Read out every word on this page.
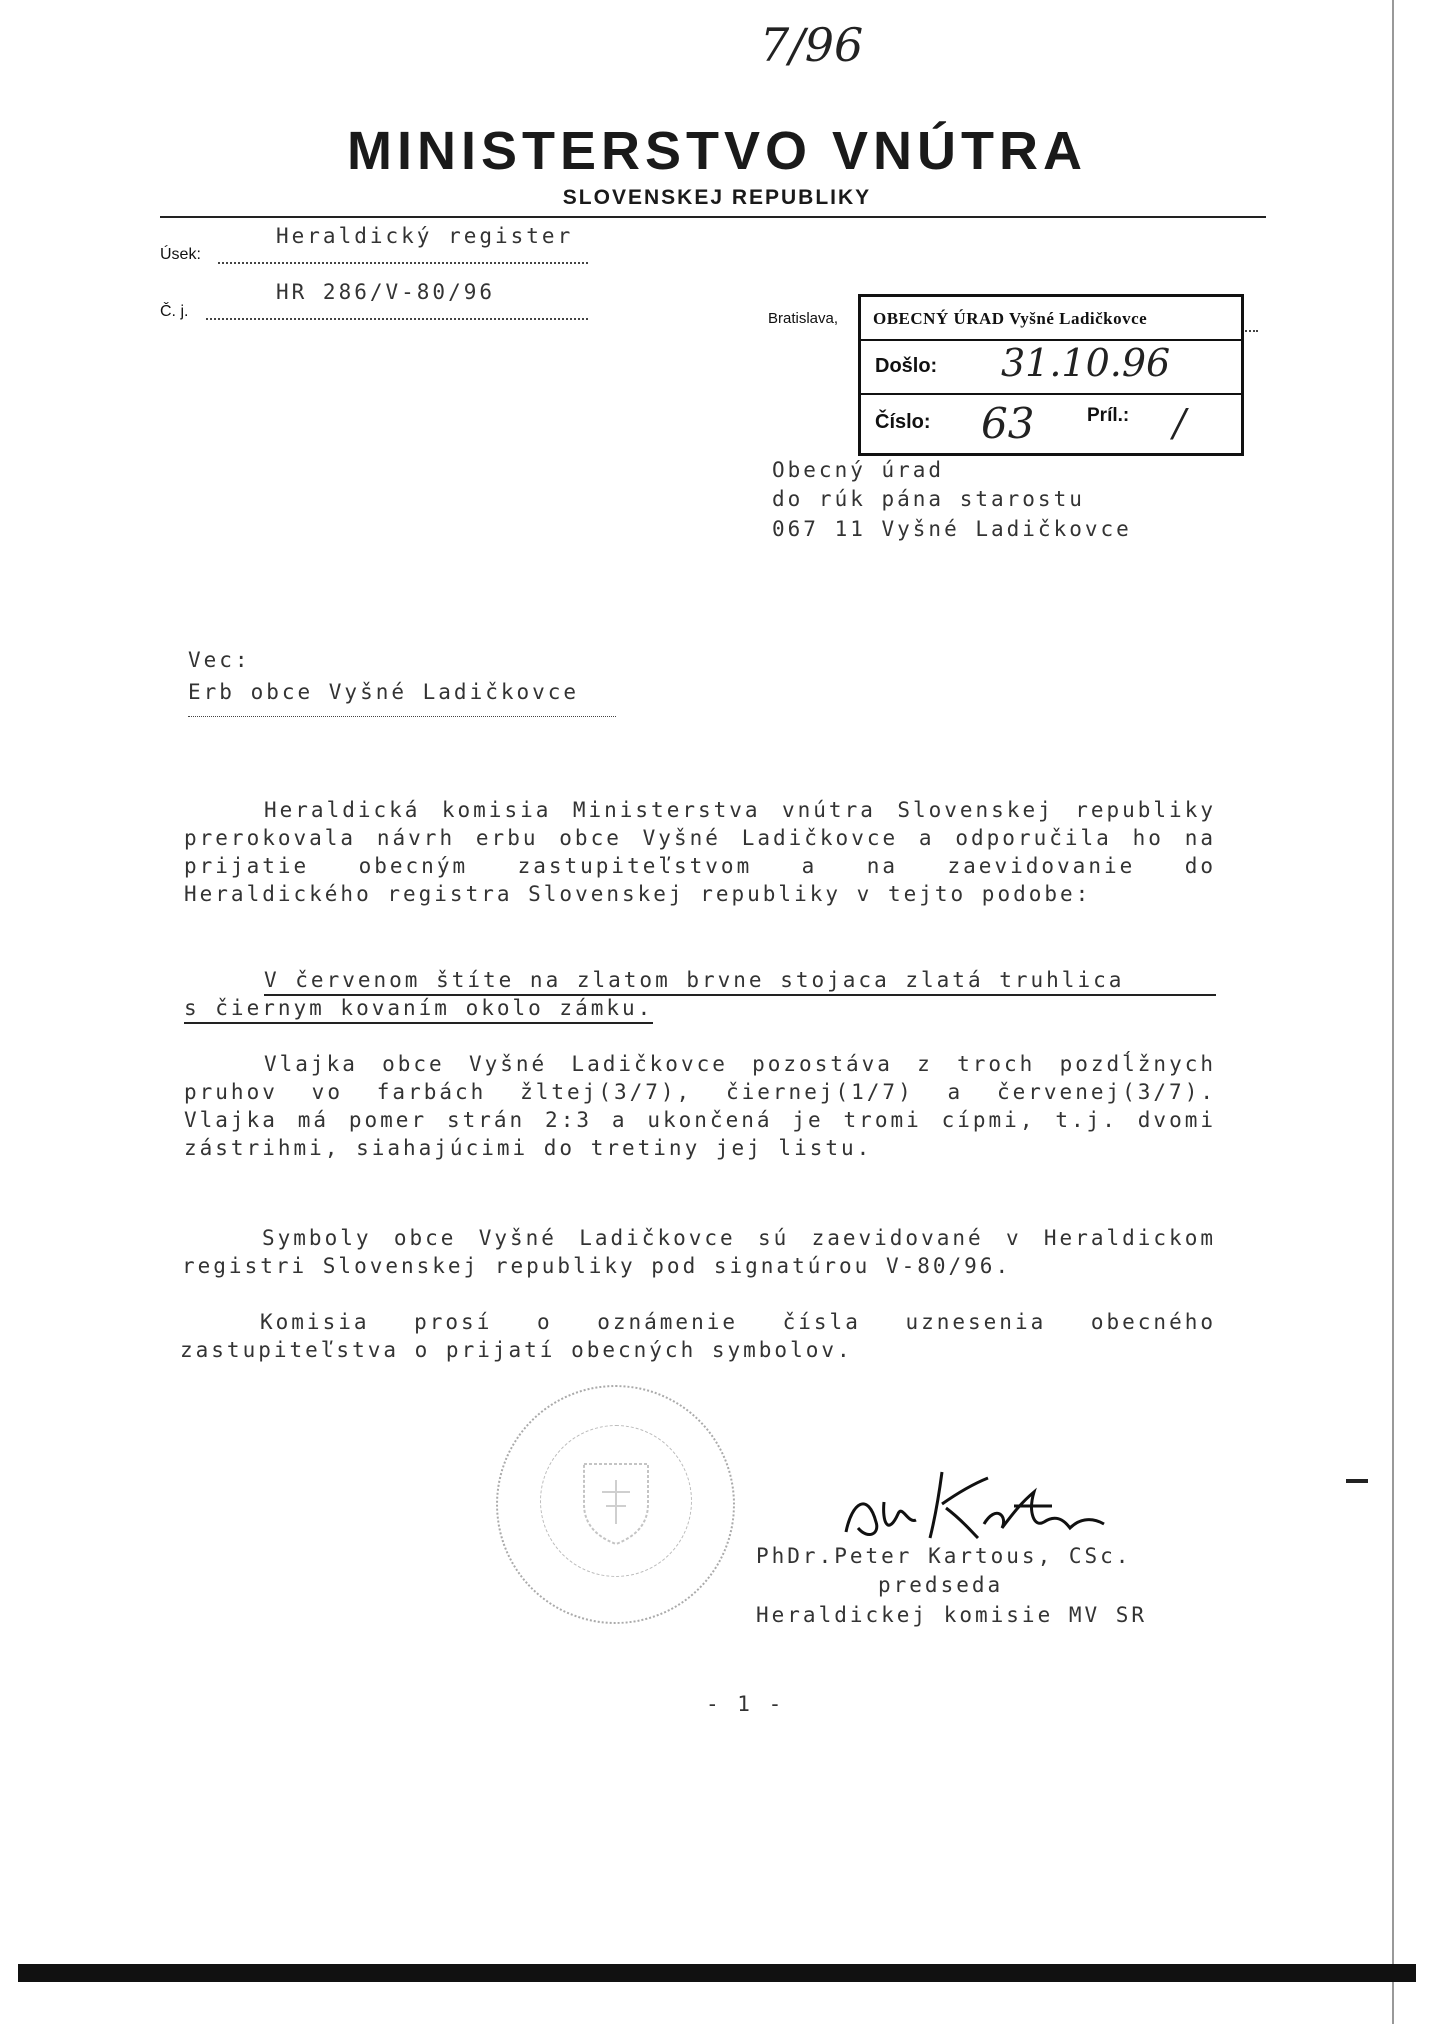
7/96
MINISTERSTVO VNÚTRA
SLOVENSKEJ REPUBLIKY
Heraldický register
Úsek:
HR 286/V-80/96
Č. j.	Bratislava, OBECNÝ ÚRAD Vyšné Ladičkovce
Došlo: 31.10.96
Číslo: 63	Príl.: /
Obecný úrad
do rúk pána starostu
067 11 Vyšné Ladičkovce
Vec:
Erb obce Vyšné Ladičkovce
Heraldická komisia Ministerstva vnútra Slovenskej republiky prerokovala návrh erbu obce Vyšné Ladičkovce a odporučila ho na prijatie obecným zastupiteľstvom a na zaevidovanie do Heraldického registra Slovenskej republiky v tejto podobe:
V červenom štíte na zlatom brvne stojaca zlatá truhlica
s čiernym kovaním okolo zámku.
Vlajka obce Vyšné Ladičkovce pozostáva z troch pozdĺžnych pruhov vo farbách žltej(3/7), čiernej(1/7) a červenej(3/7). Vlajka má pomer strán 2:3 a ukončená je tromi cípmi, t.j. dvomi zástrihmi, siahajúcimi do tretiny jej listu.
Symboly obce Vyšné Ladičkovce sú zaevidované v Heraldickom registri Slovenskej republiky pod signatúrou V-80/96.
Komisia prosí o oznámenie čísla uznesenia obecného zastupiteľstva o prijatí obecných symbolov.
PhDr.Peter Kartous, CSc.
predseda
Heraldickej komisie MV SR
- 1 -
